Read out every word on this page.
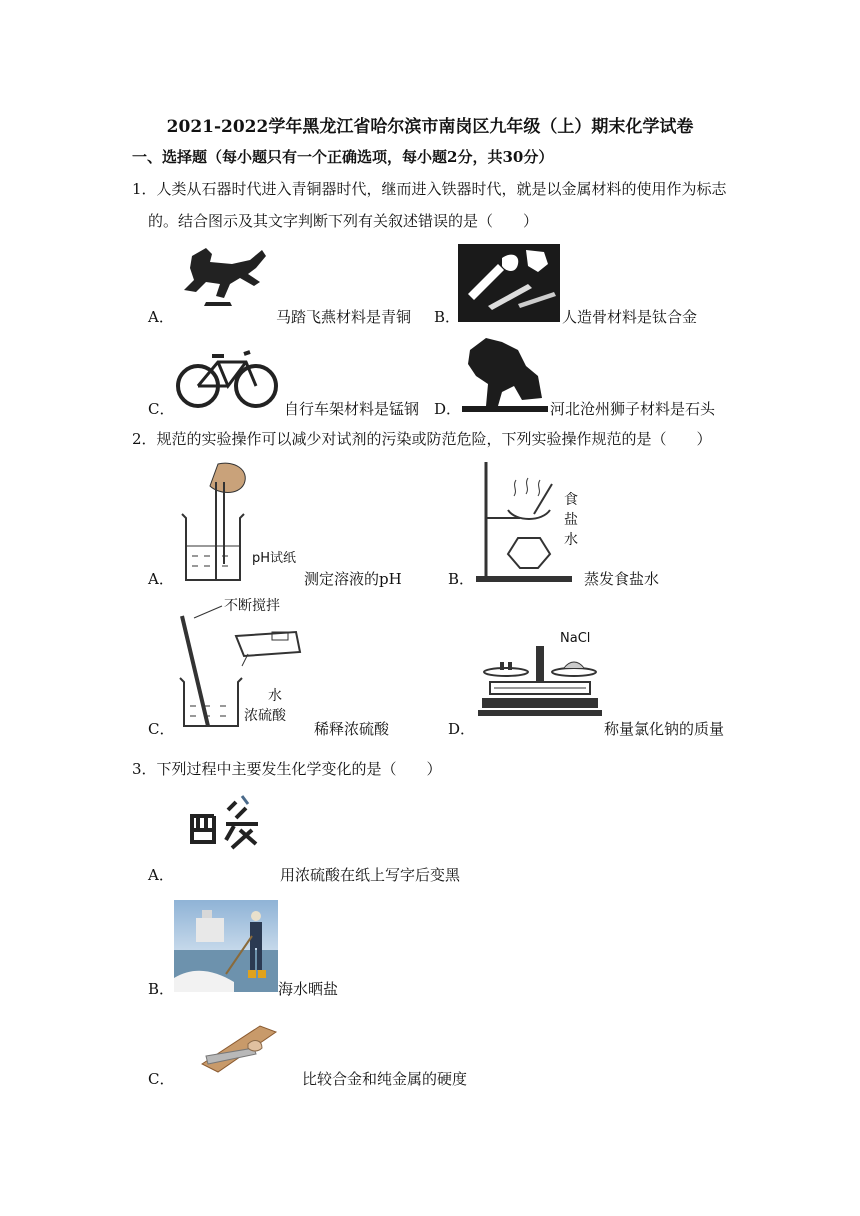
2021-2022学年黑龙江省哈尔滨市南岗区九年级（上）期末化学试卷
一、选择题（每小题只有一个正确选项，每小题2分，共30分）
1．人类从石器时代进入青铜器时代，继而进入铁器时代，就是以金属材料的使用作为标志
的。结合图示及其文字判断下列有关叙述错误的是（　　）
A．	马踏飞燕材料是青铜 B．	人造骨材料是钛合金
C．	自行车架材料是锰钢 D．	河北沧州狮子材料是石头
2．规范的实验操作可以减少对试剂的污染或防范危险，下列实验操作规范的是（　　）
pH试纸
A．	测定溶液的pH
食
盐
水
B．	蒸发食盐水
不断搅拌
水
浓硫酸
C．	稀释浓硫酸
NaCl
D．	称量氯化钠的质量
3．下列过程中主要发生化学变化的是（　　）
A．	用浓硫酸在纸上写字后变黑
B．	海水晒盐
C．	比较合金和纯金属的硬度
